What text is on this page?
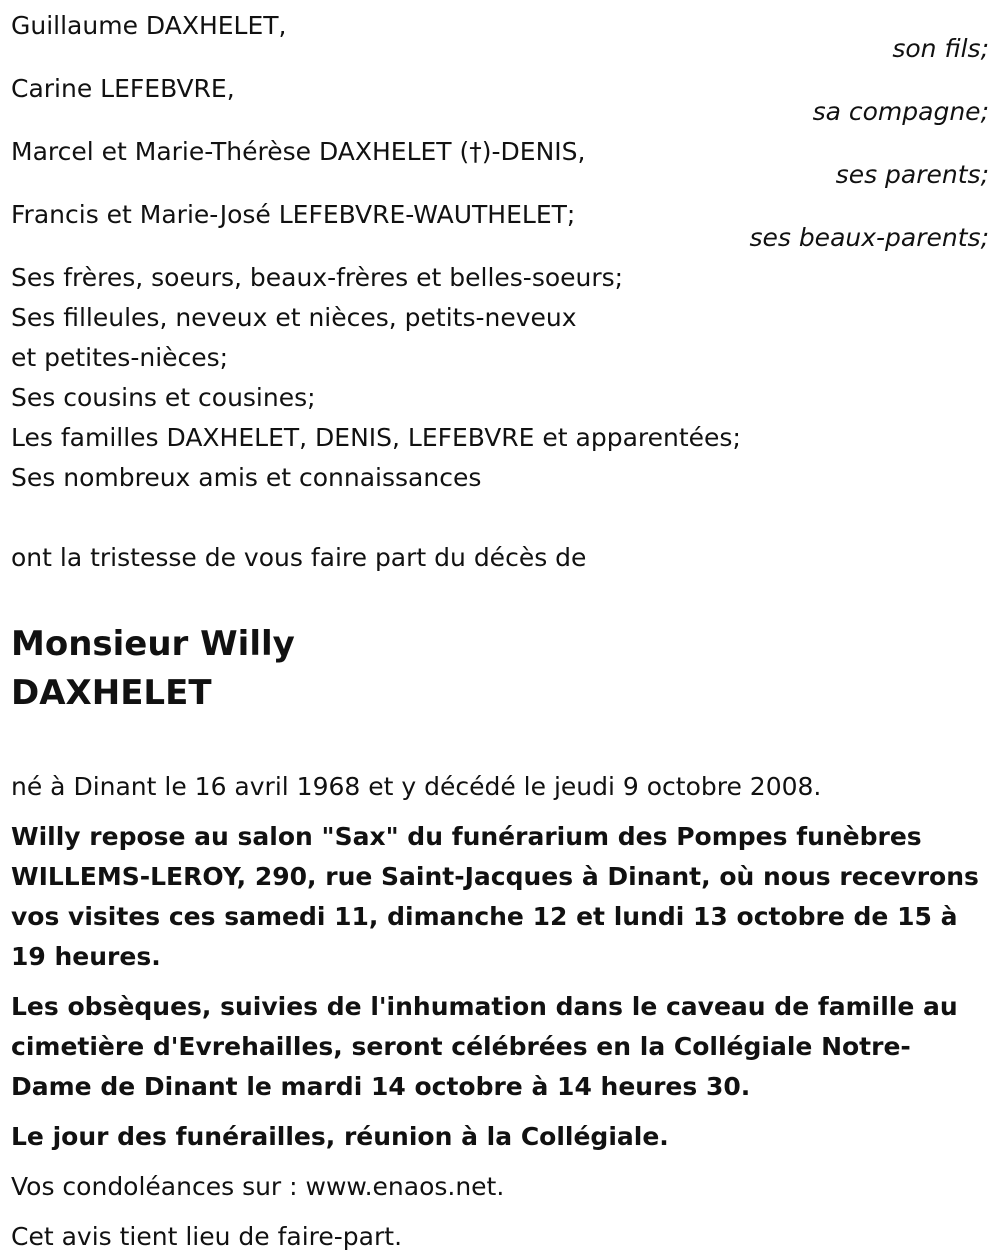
Guillaume DAXHELET,
son fils;
Carine LEFEBVRE,
sa compagne;
Marcel et Marie-Thérèse DAXHELET (†)-DENIS,
ses parents;
Francis et Marie-José LEFEBVRE-WAUTHELET;
ses beaux-parents;
Ses frères, soeurs, beaux-frères et belles-soeurs;
Ses filleules, neveux et nièces, petits-neveux
et petites-nièces;
Ses cousins et cousines;
Les familles DAXHELET, DENIS, LEFEBVRE et apparentées;
Ses nombreux amis et connaissances
ont la tristesse de vous faire part du décès de
Monsieur Willy
DAXHELET
né à Dinant le 16 avril 1968 et y décédé le jeudi 9 octobre 2008.
Willy repose au salon "Sax" du funérarium des Pompes funèbres WILLEMS-LEROY, 290, rue Saint-Jacques à Dinant, où nous recevrons vos visites ces samedi 11, dimanche 12 et lundi 13 octobre de 15 à 19 heures.
Les obsèques, suivies de l'inhumation dans le caveau de famille au cimetière d'Evrehailles, seront célébrées en la Collégiale Notre-Dame de Dinant le mardi 14 octobre à 14 heures 30.
Le jour des funérailles, réunion à la Collégiale.
Vos condoléances sur : www.enaos.net.
Cet avis tient lieu de faire-part.
